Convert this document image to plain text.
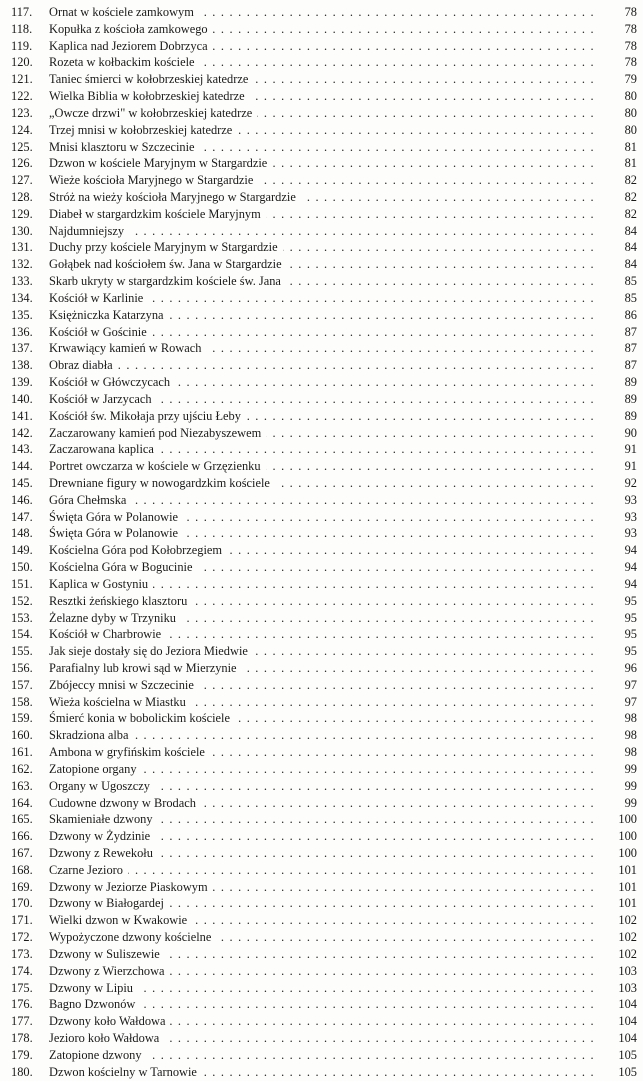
117. Ornat w kościele zamkowym . . .	78
118. Kopułka z kościoła zamkowego . . .	78
119. Kaplica nad Jeziorem Dobrzyca . . .	78
120. Rozeta w kołbackim kościele . . .	78
121. Taniec śmierci w kołobrzeskiej katedrze . . .	79
122. Wielka Biblia w kołobrzeskiej katedrze . . .	80
123. „Owcze drzwi" w kołobrzeskiej katedrze . . .	80
124. Trzej mnisi w kołobrzeskiej katedrze . . .	80
125. Mnisi klasztoru w Szczecinie . . .	81
126. Dzwon w kościele Maryjnym w Stargardzie . . .	81
127. Wieże kościoła Maryjnego w Stargardzie . . .	82
128. Stróż na wieży kościoła Maryjnego w Stargardzie . . .	82
129. Diabeł w stargardzkim kościele Maryjnym . . .	82
130. Najdumniejszy . . .	84
131. Duchy przy kościele Maryjnym w Stargardzie . . .	84
132. Gołąbek nad kościołem św. Jana w Stargardzie . . .	84
133. Skarb ukryty w stargardzkim kościele św. Jana . . .	85
134. Kościół w Karlinie . . .	85
135. Księżniczka Katarzyna . . .	86
136. Kościół w Gościnie . . .	87
137. Krwawiący kamień w Rowach . . .	87
138. Obraz diabła . . .	87
139. Kościół w Główczycach . . .	89
140. Kościół w Jarzycach . . .	89
141. Kościół św. Mikołaja przy ujściu Łeby . . .	89
142. Zaczarowany kamień pod Niezabyszewem . . .	90
143. Zaczarowana kaplica . . .	91
144. Portret owczarza w kościele w Grzęzienku . . .	91
145. Drewniane figury w nowogardzkim kościele . . .	92
146. Góra Chełmska . . .	93
147. Święta Góra w Polanowie . . .	93
148. Święta Góra w Polanowie . . .	93
149. Kościelna Góra pod Kołobrzegiem . . .	94
150. Kościelna Góra w Bogucinie . . .	94
151. Kaplica w Gostyniu . . .	94
152. Resztki żeńskiego klasztoru . . .	95
153. Żelazne dyby w Trzyniku . . .	95
154. Kościół w Charbrowie . . .	95
155. Jak sieje dostały się do Jeziora Miedwie . . .	95
156. Parafialny lub krowi sąd w Mierzynie . . .	96
157. Zbójeccy mnisi w Szczecinie . . .	97
158. Wieża kościelna w Miastku . . .	97
159. Śmierć konia w bobolickim kościele . . .	98
160. Skradziona alba . . .	98
161. Ambona w gryfińskim kościele . . .	98
162. Zatopione organy . . .	99
163. Organy w Ugoszczy . . .	99
164. Cudowne dzwony w Brodach . . .	99
165. Skamieniałe dzwony . . .	100
166. Dzwony w Żydzinie . . .	100
167. Dzwony z Rewekołu . . .	100
168. Czarne Jezioro . . .	101
169. Dzwony w Jeziorze Piaskowym . . .	101
170. Dzwony w Białogardej . . .	101
171. Wielki dzwon w Kwakowie . . .	102
172. Wypożyczone dzwony kościelne . . .	102
173. Dzwony w Suliszewie . . .	102
174. Dzwony z Wierzchowa . . .	103
175. Dzwony w Lipiu . . .	103
176. Bagno Dzwonów . . .	104
177. Dzwony koło Wałdowa . . .	104
178. Jezioro koło Wałdowa . . .	104
179. Zatopione dzwony . . .	105
180. Dzwon kościelny w Tarnowie . . .	105
